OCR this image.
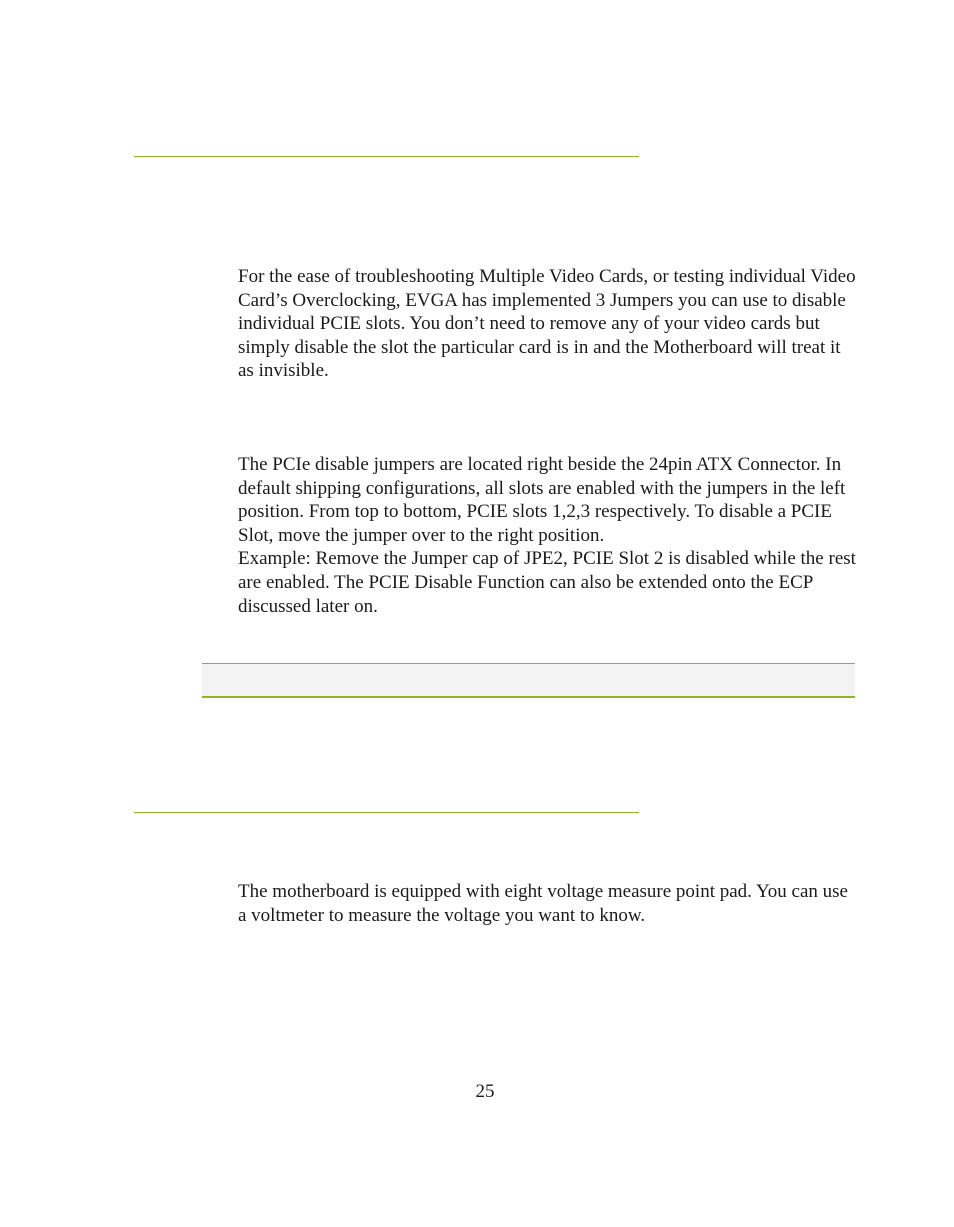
For the ease of troubleshooting Multiple Video Cards, or testing individual Video Card’s Overclocking, EVGA has implemented 3 Jumpers you can use to disable individual PCIE slots. You don’t need to remove any of your video cards but simply disable the slot the particular card is in and the Motherboard will treat it as invisible.

The PCIe disable jumpers are located right beside the 24pin ATX Connector. In default shipping configurations, all slots are enabled with the jumpers in the left position. From top to bottom, PCIE slots 1,2,3 respectively. To disable a PCIE Slot, move the jumper over to the right position.
Example: Remove the Jumper cap of JPE2, PCIE Slot 2 is disabled while the rest are enabled. The PCIE Disable Function can also be extended onto the ECP discussed later on.

The motherboard is equipped with eight voltage measure point pad. You can use a voltmeter to measure the voltage you want to know.

25
